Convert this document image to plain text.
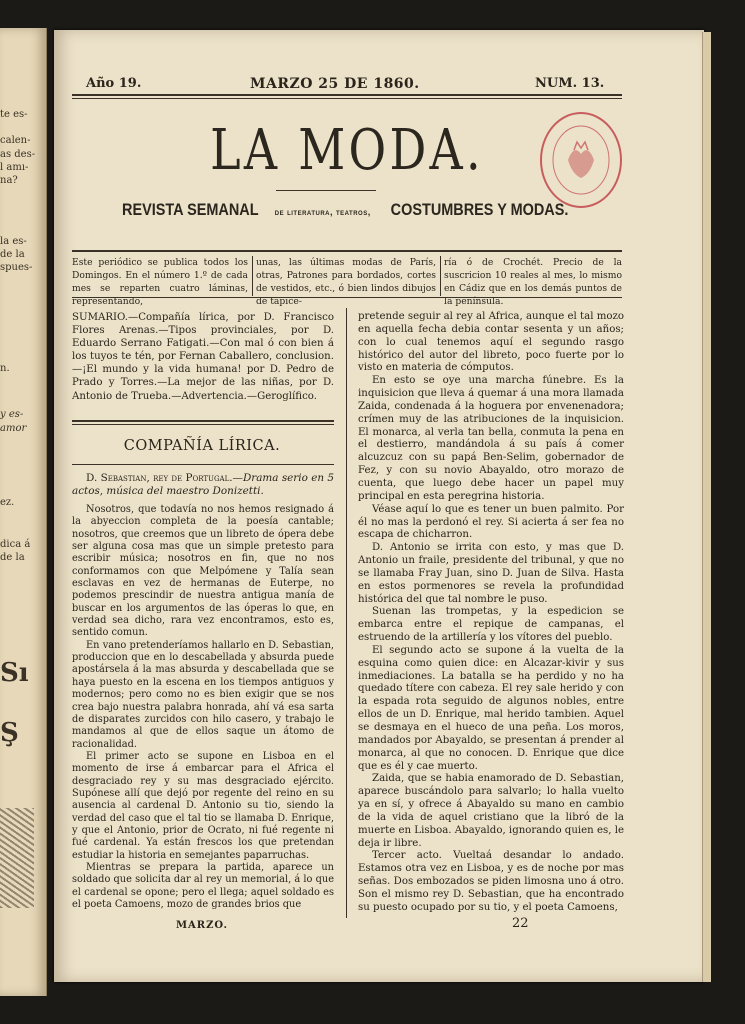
te es-
calen-
as des-
l amı-
na?
la es-
de la
spues-
n.
y es-
amor
ez.
dica á
de la
Sı
Ş
Año 19.	MARZO 25 DE 1860.	NUM. 13.
LA MODA.
REVISTA SEMANAL de literatura, teatros, COSTUMBRES Y MODAS.
Este periódico se publica todos los Domingos. En el número 1.º de cada mes se reparten cuatro láminas, representando,
unas, las últimas modas de París, otras, Patrones para bordados, cortes de vestidos, etc., ó bien lindos dibujos de tapice-
ría ó de Crochét. Precio de la suscricion 10 reales al mes, lo mismo en Cádiz que en los demás puntos de la península.

SUMARIO.—Compañía lírica, por D. Francisco Flores Arenas.—Tipos provinciales, por D. Eduardo Serrano Fatigati.—Con mal ó con bien á los tuyos te tén, por Fernan Caballero, conclusion.—¡El mundo y la vida humana! por D. Pedro de Prado y Torres.—La mejor de las niñas, por D. Antonio de Trueba.—Advertencia.—Geroglífico.

COMPAÑÍA LÍRICA.

D. Sebastian, rey de Portugal.—Drama serio en 5 actos, música del maestro Donizetti.

Nosotros, que todavía no nos hemos resignado á la abyeccion completa de la poesía cantable; nosotros, que creemos que un libreto de ópera debe ser alguna cosa mas que un simple pretesto para escribir música; nosotros en fin, que no nos conformamos con que Melpómene y Talía sean esclavas en vez de hermanas de Euterpe, no podemos prescindir de nuestra antigua manía de buscar en los argumentos de las óperas lo que, en verdad sea dicho, rara vez encontramos, esto es, sentido comun.

En vano pretenderíamos hallarlo en D. Sebastian, produccion que en lo descabellada y absurda puede apostársela á la mas absurda y descabellada que se haya puesto en la escena en los tiempos antiguos y modernos; pero como no es bien exigir que se nos crea bajo nuestra palabra honrada, ahí vá esa sarta de disparates zurcidos con hilo casero, y trabajo le mandamos al que de ellos saque un átomo de racionalidad.

El primer acto se supone en Lisboa en el momento de irse á embarcar para el Africa el desgraciado rey y su mas desgraciado ejército. Supónese allí que dejó por regente del reino en su ausencia al cardenal D. Antonio su tio, siendo la verdad del caso que el tal tio se llamaba D. Enrique, y que el Antonio, prior de Ocrato, ni fué regente ni fué cardenal. Ya están frescos los que pretendan estudiar la historia en semejantes paparruchas.

Mientras se prepara la partida, aparece un soldado que solicita dar al rey un memorial, á lo que el cardenal se opone; pero el llega; aquel soldado es el poeta Camoens, mozo de grandes brios que

pretende seguir al rey al Africa, aunque el tal mozo en aquella fecha debia contar sesenta y un años; con lo cual tenemos aquí el segundo rasgo histórico del autor del libreto, poco fuerte por lo visto en materia de cómputos.

En esto se oye una marcha fúnebre. Es la inquisicion que lleva á quemar á una mora llamada Zaida, condenada á la hoguera por envenenadora; crímen muy de las atribuciones de la inquisicion. El monarca, al verla tan bella, conmuta la pena en el destierro, mandándola á su país á comer alcuzcuz con su papá Ben-Selim, gobernador de Fez, y con su novio Abayaldo, otro morazo de cuenta, que luego debe hacer un papel muy principal en esta peregrina historia.

Véase aquí lo que es tener un buen palmito. Por él no mas la perdonó el rey. Si acierta á ser fea no escapa de chicharron.

D. Antonio se irrita con esto, y mas que D. Antonio un fraile, presidente del tribunal, y que no se llamaba Fray Juan, sino D. Juan de Silva. Hasta en estos pormenores se revela la profundidad histórica del que tal nombre le puso.

Suenan las trompetas, y la espedicion se embarca entre el repique de campanas, el estruendo de la artillería y los vítores del pueblo.

El segundo acto se supone á la vuelta de la esquina como quien dice: en Alcazar-kivir y sus inmediaciones. La batalla se ha perdido y no ha quedado títere con cabeza. El rey sale herido y con la espada rota seguido de algunos nobles, entre ellos de un D. Enrique, mal herido tambien. Aquel se desmaya en el hueco de una peña. Los moros, mandados por Abayaldo, se presentan á prender al monarca, al que no conocen. D. Enrique que dice que es él y cae muerto.

Zaida, que se habia enamorado de D. Sebastian, aparece buscándolo para salvarlo; lo halla vuelto ya en sí, y ofrece á Abayaldo su mano en cambio de la vida de aquel cristiano que la libró de la muerte en Lisboa. Abayaldo, ignorando quien es, le deja ir libre.

Tercer acto. Vueltaá desandar lo andado. Estamos otra vez en Lisboa, y es de noche por mas señas. Dos embozados se piden limosna uno á otro. Son el mismo rey D. Sebastian, que ha encontrado su puesto ocupado por su tio, y el poeta Camoens,

MARZO.	22
